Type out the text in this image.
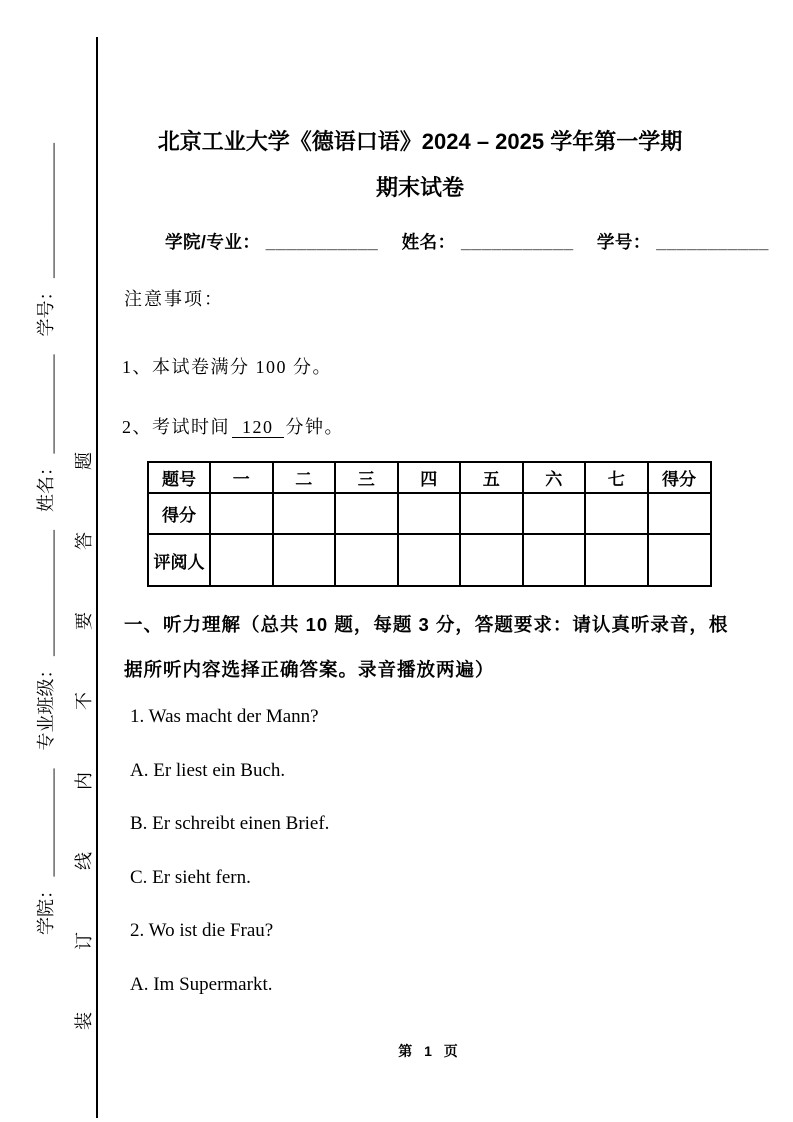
学院： ____________　专业班级： ______________　姓名： ___________　学号： _______________	装订线内不要答题
北京工业大学《德语口语》2024 – 2025 学年第一学期
期末试卷
学院/专业： ___________　 姓名： ___________　 学号： ___________
注意事项：
1、本试卷满分 100 分。
2、考试时间 120 分钟。
题号	一	二	三	四	五	六	七	得分
得分								
评阅人								
一、听力理解（总共 10 题，每题 3 分，答题要求：请认真听录音，根
据所听内容选择正确答案。录音播放两遍）
1. Was macht der Mann?
A. Er liest ein Buch.
B. Er schreibt einen Brief.
C. Er sieht fern.
2. Wo ist die Frau?
A. Im Supermarkt.
第 1 页
